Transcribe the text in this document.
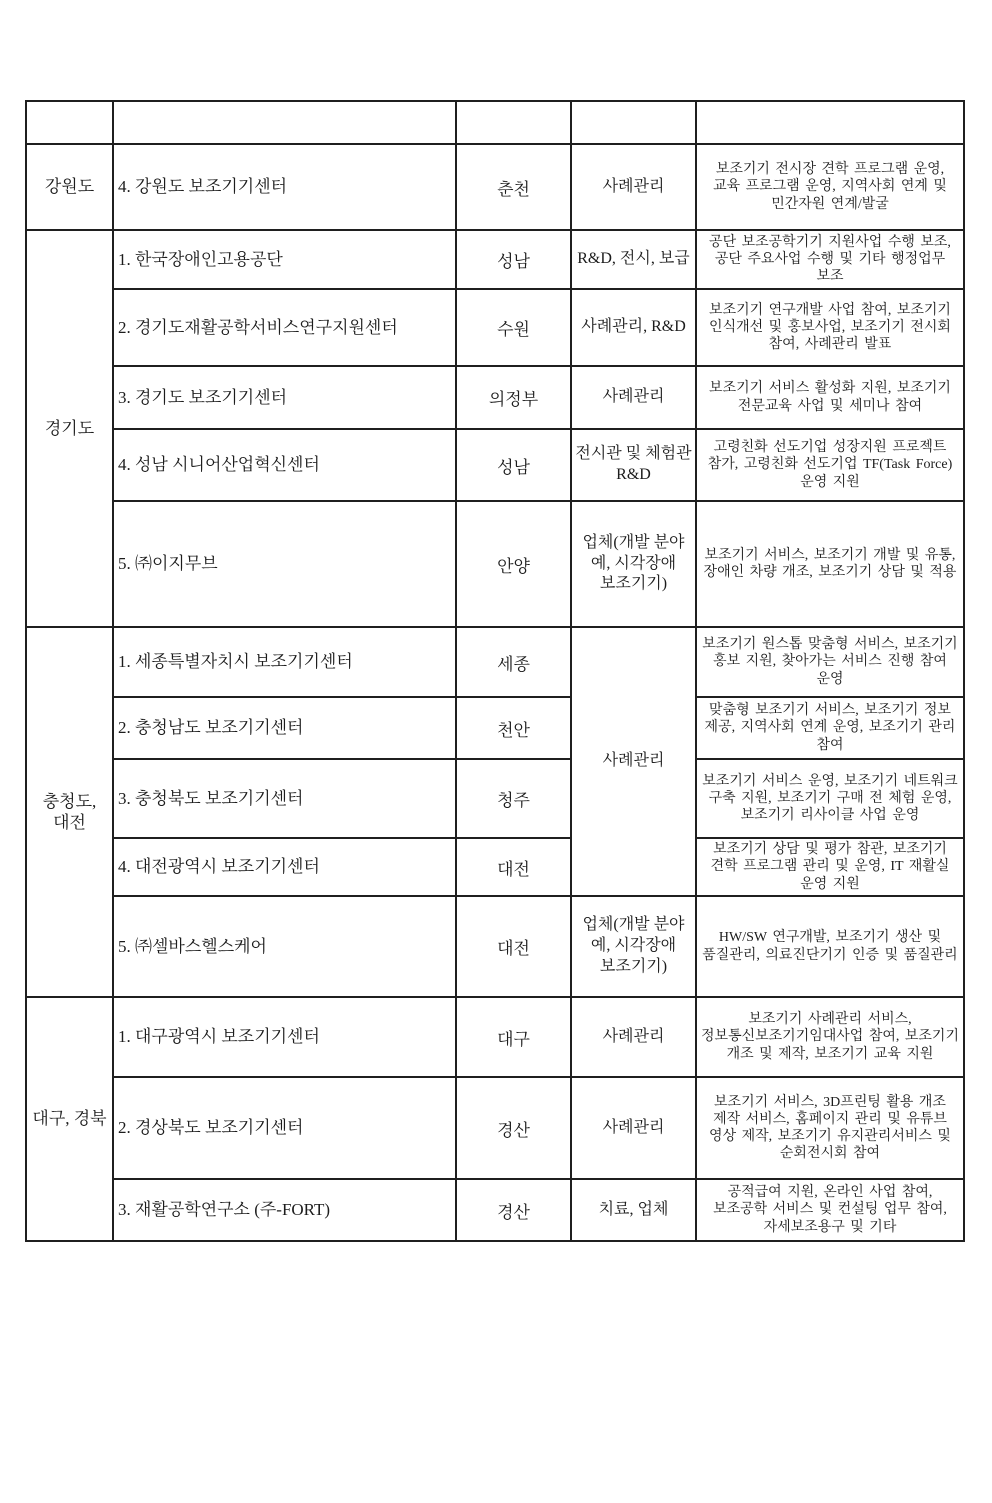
강원도	4. 강원도 보조기기센터	춘천	사례관리	보조기기 전시장 견학 프로그램 운영, 교육 프로그램 운영, 지역사회 연계 및 민간자원 연계/발굴
경기도	1. 한국장애인고용공단	성남	R&D, 전시, 보급	공단 보조공학기기 지원사업 수행 보조, 공단 주요사업 수행 및 기타 행정업무 보조
	2. 경기도재활공학서비스연구지원센터	수원	사례관리, R&D	보조기기 연구개발 사업 참여, 보조기기 인식개선 및 홍보사업, 보조기기 전시회 참여, 사례관리 발표
	3. 경기도 보조기기센터	의정부	사례관리	보조기기 서비스 활성화 지원, 보조기기 전문교육 사업 및 세미나 참여
	4. 성남 시니어산업혁신센터	성남	전시관 및 체험관 R&D	고령친화 선도기업 성장지원 프로젝트 참가, 고령친화 선도기업 TF(Task Force)운영 지원
	5. ㈜이지무브	안양	업체(개발 분야 예, 시각장애 보조기기)	보조기기 서비스, 보조기기 개발 및 유통, 장애인 차량 개조, 보조기기 상담 및 적용
충청도, 대전	1. 세종특별자치시 보조기기센터	세종	사례관리	보조기기 원스톱 맞춤형 서비스, 보조기기 홍보 지원, 찾아가는 서비스 진행 참여 운영
	2. 충청남도 보조기기센터	천안		맞춤형 보조기기 서비스, 보조기기 정보 제공, 지역사회 연계 운영, 보조기기 관리 참여
	3. 충청북도 보조기기센터	청주		보조기기 서비스 운영, 보조기기 네트워크 구축 지원, 보조기기 구매 전 체험 운영, 보조기기 리사이클 사업 운영
	4. 대전광역시 보조기기센터	대전		보조기기 상담 및 평가 참관, 보조기기 견학 프로그램 관리 및 운영, IT 재활실 운영 지원
	5. ㈜셀바스헬스케어	대전	업체(개발 분야 예, 시각장애 보조기기)	HW/SW 연구개발, 보조기기 생산 및 품질관리, 의료진단기기 인증 및 품질관리
대구, 경북	1. 대구광역시 보조기기센터	대구	사례관리	보조기기 사례관리 서비스, 정보통신보조기기임대사업 참여, 보조기기 개조 및 제작, 보조기기 교육 지원
	2. 경상북도 보조기기센터	경산	사례관리	보조기기 서비스, 3D프린팅 활용 개조 제작 서비스, 홈페이지 관리 및 유튜브 영상 제작, 보조기기 유지관리서비스 및 순회전시회 참여
	3. 재활공학연구소 (주-FORT)	경산	치료, 업체	공적급여 지원, 온라인 사업 참여, 보조공학 서비스 및 컨설팅 업무 참여, 자세보조용구 및 기타
